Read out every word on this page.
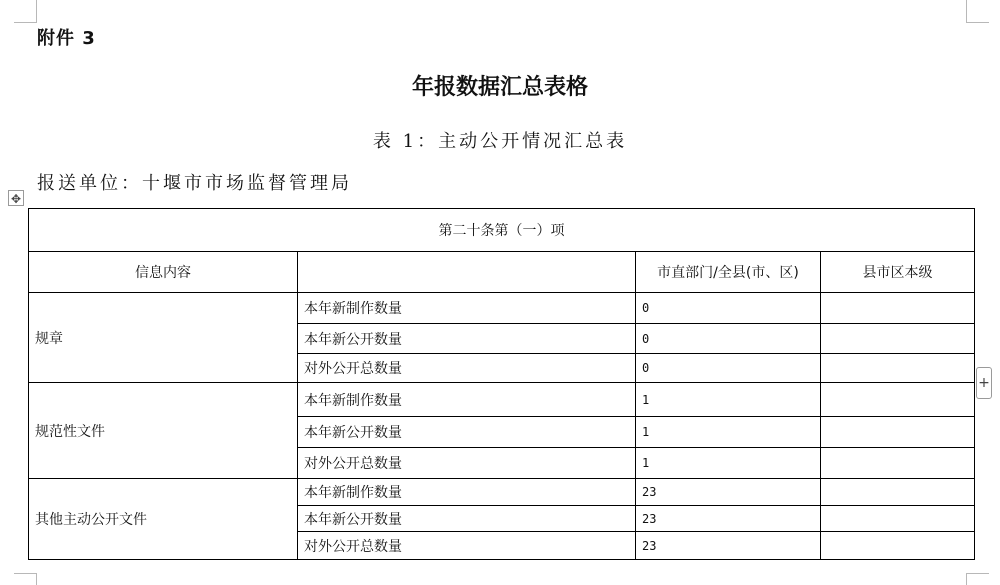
附件 3
年报数据汇总表格
表 1：主动公开情况汇总表
报送单位：十堰市市场监督管理局
✥
+
第二十条第（一）项			
信息内容		市直部门/全县(市、区)	县市区本级
规章	本年新制作数量	0	
	本年新公开数量	0	
	对外公开总数量	0	
规范性文件	本年新制作数量	1	
	本年新公开数量	1	
	对外公开总数量	1	
其他主动公开文件	本年新制作数量	23	
	本年新公开数量	23	
	对外公开总数量	23	
